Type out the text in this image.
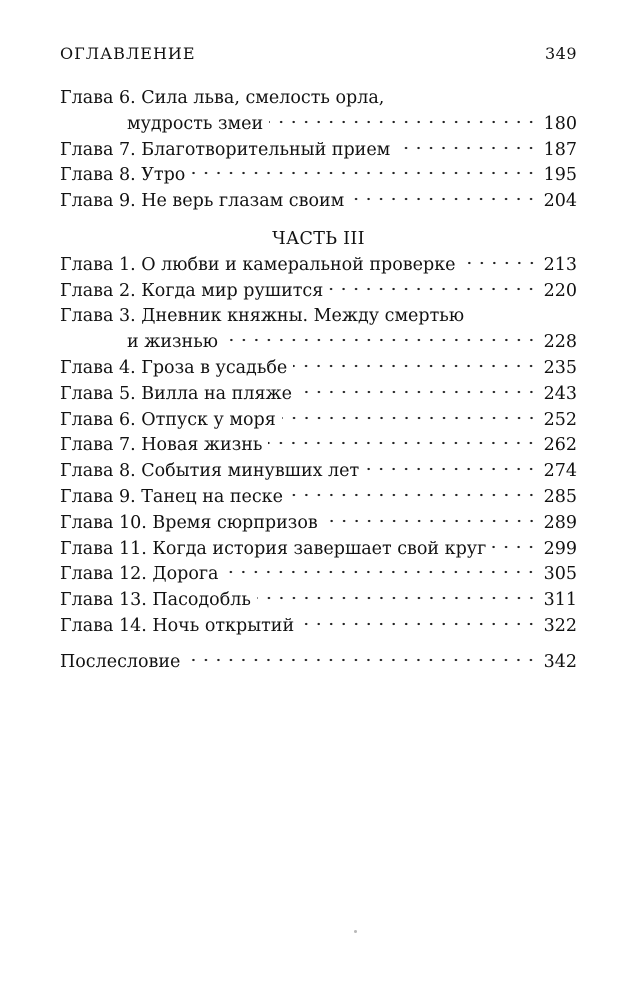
ОГЛАВЛЕНИЕ	349
Глава 6. Сила льва, смелость орла,
мудрость змеи	180
Глава 7. Благотворительный прием	187
Глава 8. Утро	195
Глава 9. Не верь глазам своим	204
ЧАСТЬ III
Глава 1. О любви и камеральной проверке	213
Глава 2. Когда мир рушится	220
Глава 3. Дневник княжны. Между смертью
и жизнью	228
Глава 4. Гроза в усадьбе	235
Глава 5. Вилла на пляже	243
Глава 6. Отпуск у моря	252
Глава 7. Новая жизнь	262
Глава 8. События минувших лет	274
Глава 9. Танец на песке	285
Глава 10. Время сюрпризов	289
Глава 11. Когда история завершает свой круг	299
Глава 12. Дорога	305
Глава 13. Пасодобль	311
Глава 14. Ночь открытий	322
Послесловие	342
